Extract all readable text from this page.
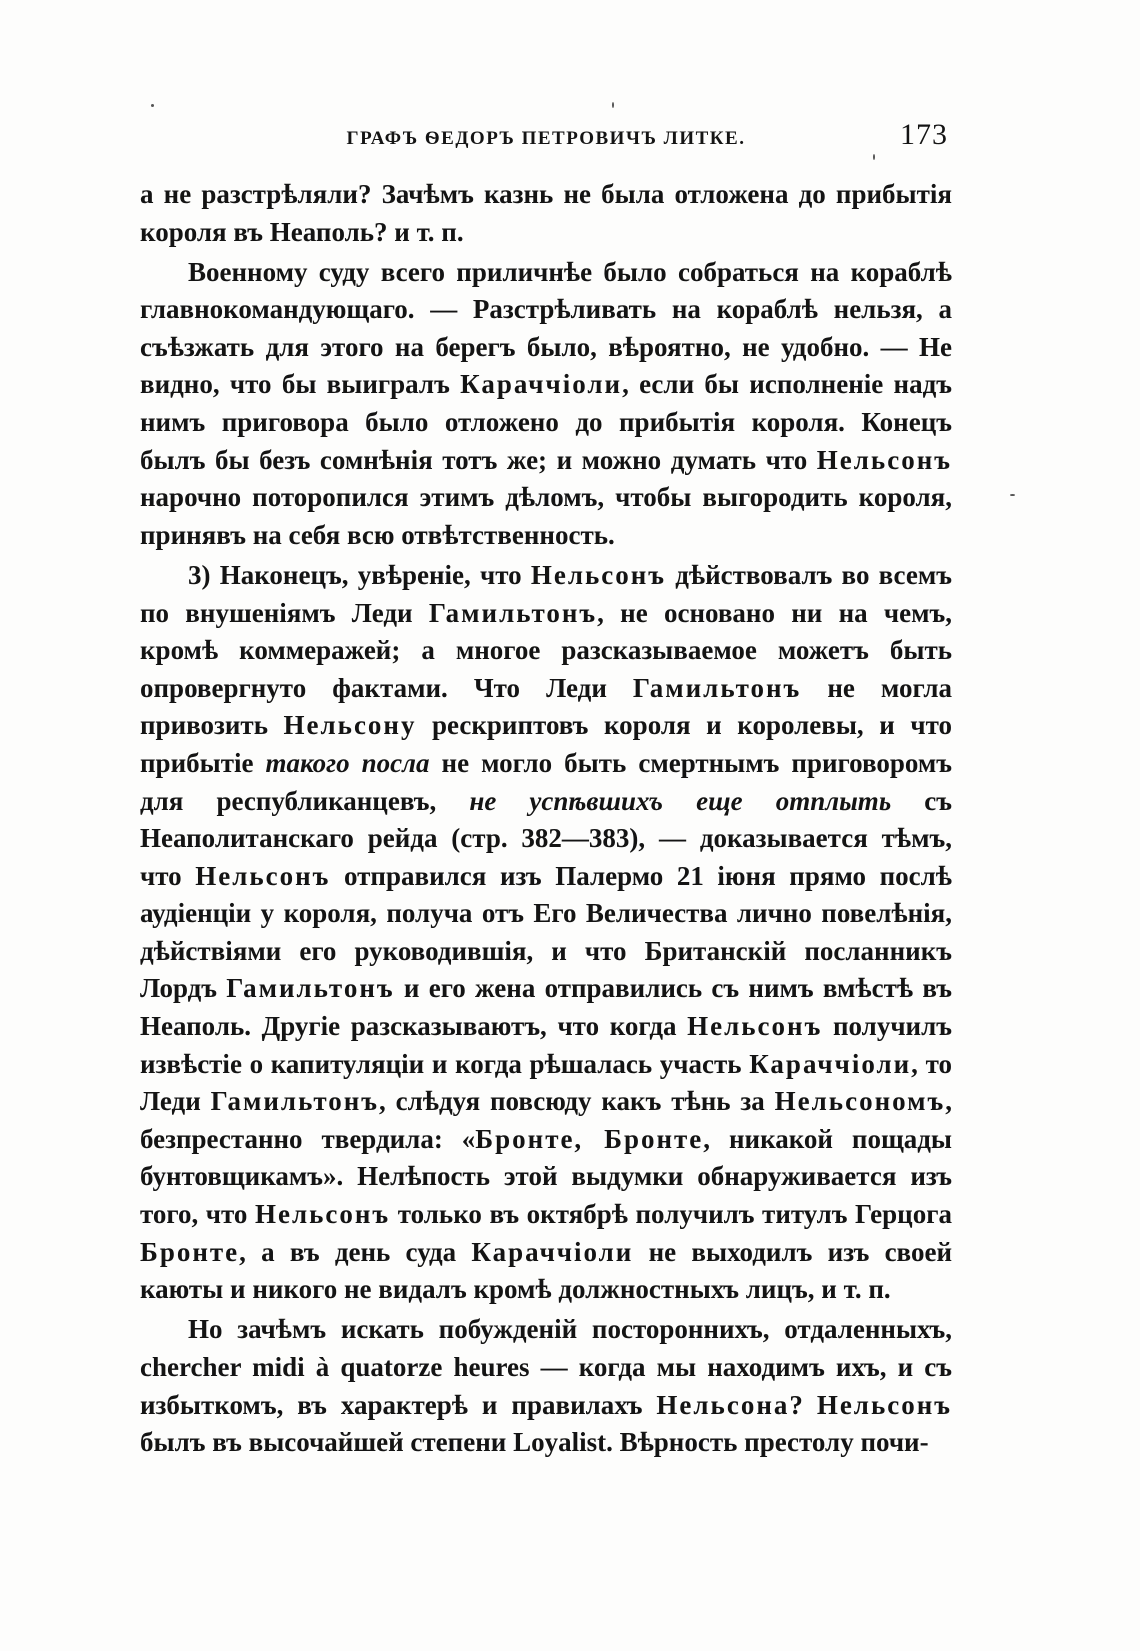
ГРАФЪ ѲЕДОРЪ ПЕТРОВИЧЪ ЛИТКЕ.	173

а не разстрѣляли? Зачѣмъ казнь не была отложена до прибытія короля въ Неаполь? и т. п.

Военному суду всего приличнѣе было собраться на кораблѣ главнокомандующаго. — Разстрѣливать на кораблѣ нельзя, а съѣзжать для этого на берегъ было, вѣроятно, не удобно. — Не видно, что бы выигралъ Караччіоли, если бы исполненіе надъ нимъ приговора было отложено до прибытія короля. Конецъ былъ бы безъ сомнѣнія тотъ же; и можно думать что Нельсонъ нарочно поторопился этимъ дѣломъ, чтобы выгородить короля, принявъ на себя всю отвѣтственность.

3) Наконецъ, увѣреніе, что Нельсонъ дѣйствовалъ во всемъ по внушеніямъ Леди Гамильтонъ, не основано ни на чемъ, кромѣ коммеражей; а многое разсказываемое можетъ быть опровергнуто фактами. Что Леди Гамильтонъ не могла привозить Нельсону рескриптовъ короля и королевы, и что прибытіе такого посла не могло быть смертнымъ приговоромъ для республиканцевъ, не успѣвшихъ еще отплыть съ Неаполитанскаго рейда (стр. 382—383), — доказывается тѣмъ, что Нельсонъ отправился изъ Палермо 21 іюня прямо послѣ аудіенціи у короля, получа отъ Его Величества лично повелѣнія, дѣйствіями его руководившія, и что Британскій посланникъ Лордъ Гамильтонъ и его жена отправились съ нимъ вмѣстѣ въ Неаполь. Другіе разсказываютъ, что когда Нельсонъ получилъ извѣстіе о капитуляціи и когда рѣшалась участь Караччіоли, то Леди Гамильтонъ, слѣдуя повсюду какъ тѣнь за Нельсономъ, безпрестанно твердила: «Бронте, Бронте, никакой пощады бунтовщикамъ». Нелѣпость этой выдумки обнаруживается изъ того, что Нельсонъ только въ октябрѣ получилъ титулъ Герцога Бронте, а въ день суда Караччіоли не выходилъ изъ своей каюты и никого не видалъ кромѣ должностныхъ лицъ, и т. п.

Но зачѣмъ искать побужденій постороннихъ, отдаленныхъ, chercher midi à quatorze heures — когда мы находимъ ихъ, и съ избыткомъ, въ характерѣ и правилахъ Нельсона? Нельсонъ былъ въ высочайшей степени Loyalist. Вѣрность престолу почи-
